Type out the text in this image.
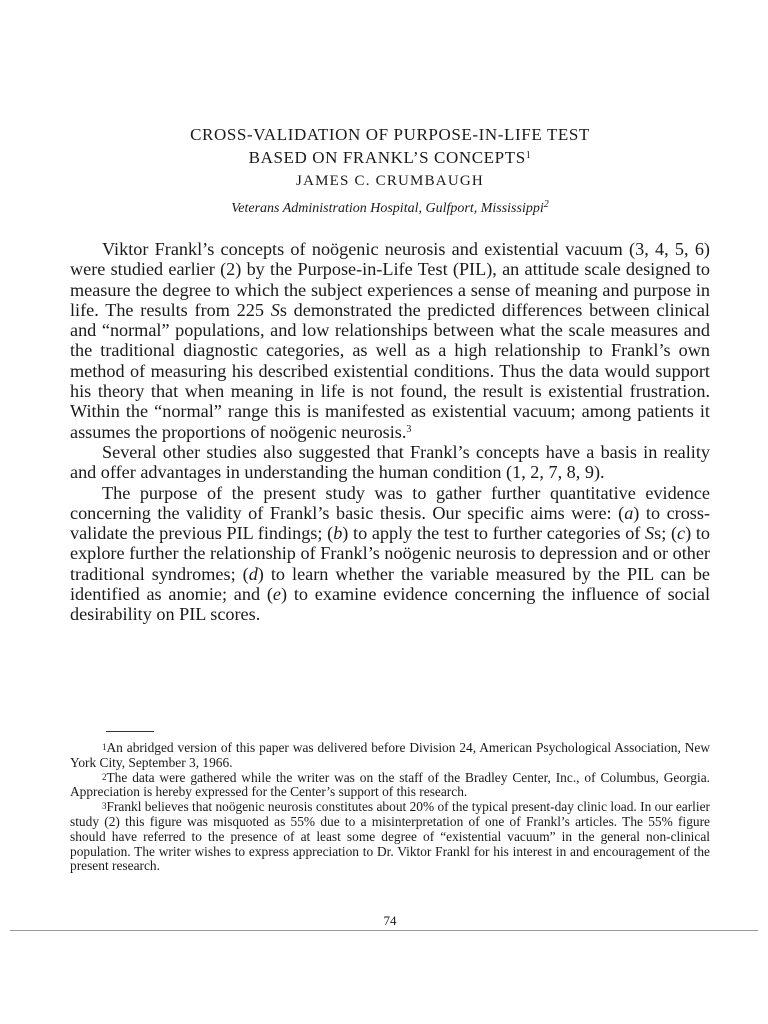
CROSS-VALIDATION OF PURPOSE-IN-LIFE TEST
BASED ON FRANKL’S CONCEPTS$^1$
JAMES C. CRUMBAUGH
Veterans Administration Hospital, Gulfport, Mississippi$^2$

Viktor Frankl’s concepts of noögenic neurosis and existential vacuum (3, 4, 5, 6) were studied earlier (2) by the Purpose-in-Life Test (PIL), an attitude scale designed to measure the degree to which the subject experiences a sense of meaning and purpose in life. The results from 225 Ss demonstrated the predicted differences between clinical and “normal” populations, and low relationships between what the scale measures and the traditional diagnostic categories, as well as a high relationship to Frankl’s own method of measuring his described existential conditions. Thus the data would support his theory that when meaning in life is not found, the result is existential frustration. Within the “normal” range this is manifested as existential vacuum; among patients it assumes the proportions of noögenic neurosis.$^3$

Several other studies also suggested that Frankl’s concepts have a basis in reality and offer advantages in understanding the human condition (1, 2, 7, 8, 9).

The purpose of the present study was to gather further quantitative evidence concerning the validity of Frankl’s basic thesis. Our specific aims were: (a) to cross-validate the previous PIL findings; (b) to apply the test to further categories of Ss; (c) to explore further the relationship of Frankl’s noögenic neurosis to depression and or other traditional syndromes; (d) to learn whether the variable measured by the PIL can be identified as anomie; and (e) to examine evidence concerning the influence of social desirability on PIL scores.

$^1$An abridged version of this paper was delivered before Division 24, American Psychological Association, New York City, September 3, 1966.

$^2$The data were gathered while the writer was on the staff of the Bradley Center, Inc., of Columbus, Georgia. Appreciation is hereby expressed for the Center’s support of this research.

$^3$Frankl believes that noögenic neurosis constitutes about 20% of the typical present-day clinic load. In our earlier study (2) this figure was misquoted as 55% due to a misinterpretation of one of Frankl’s articles. The 55% figure should have referred to the presence of at least some degree of “existential vacuum” in the general non-clinical population. The writer wishes to express appreciation to Dr. Viktor Frankl for his interest in and encouragement of the present research.

74
